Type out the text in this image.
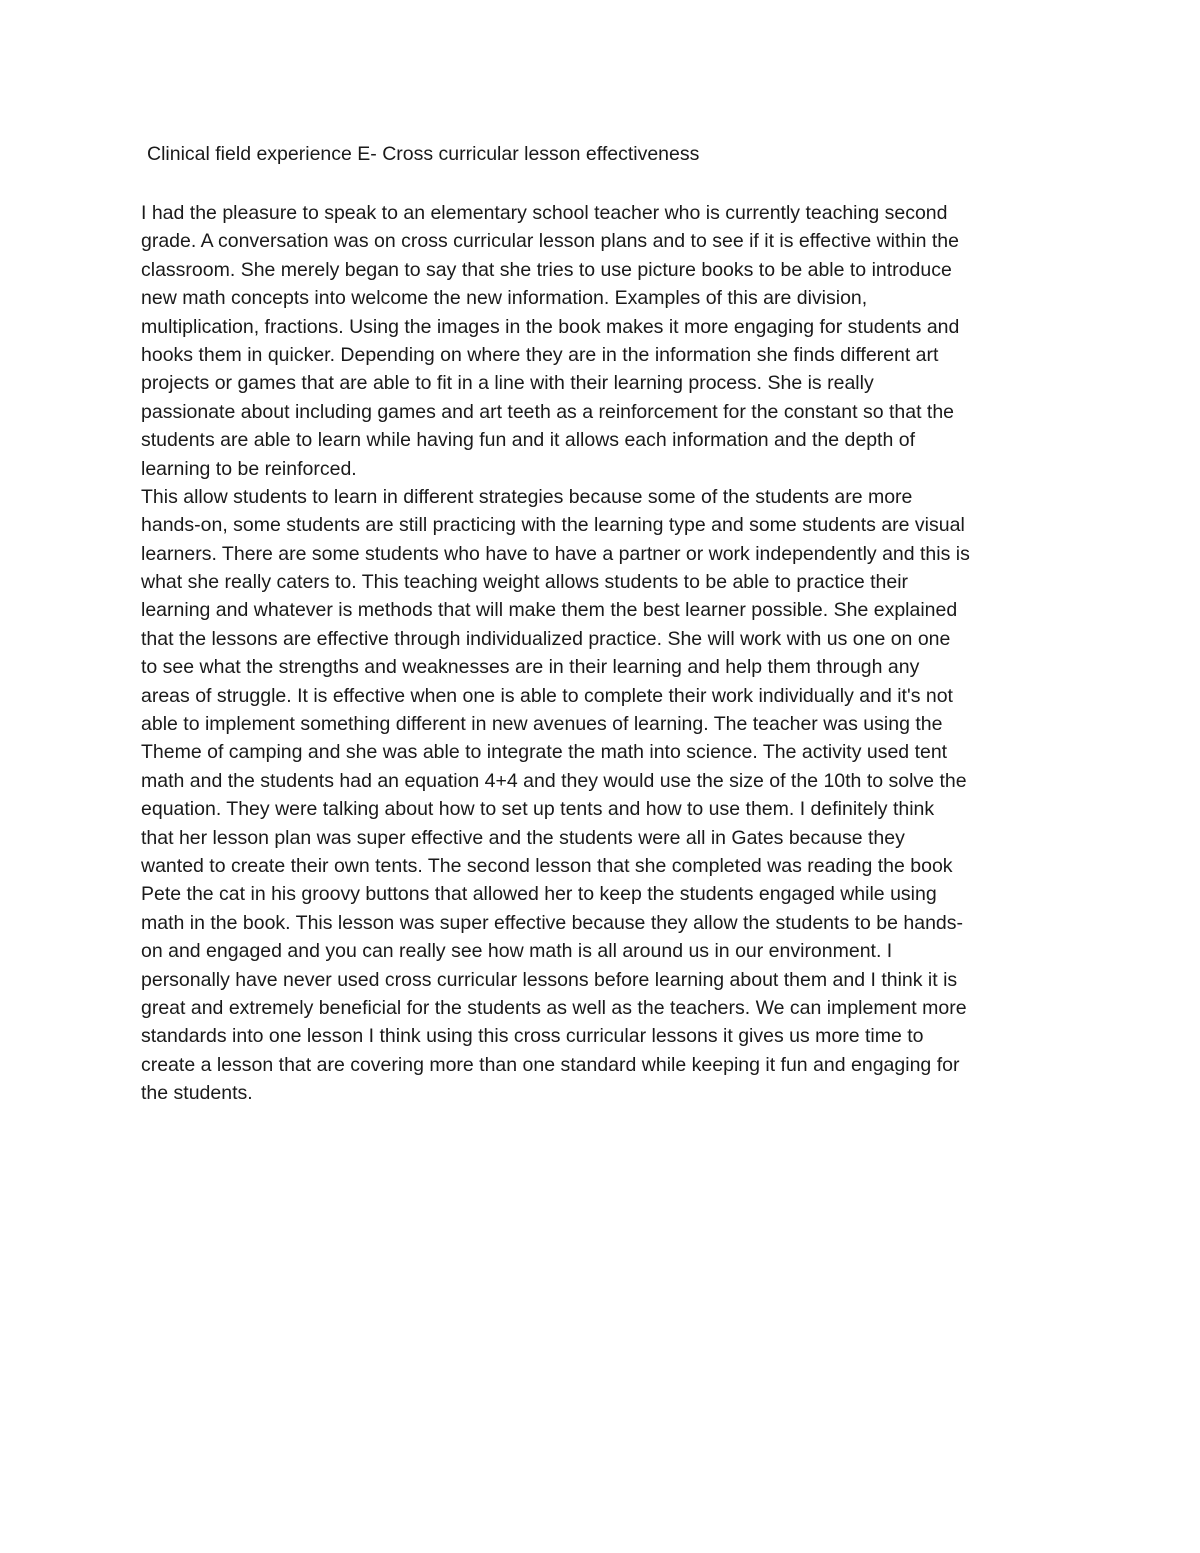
Clinical field experience E- Cross curricular lesson effectiveness
I had the pleasure to speak to an elementary school teacher who is currently teaching second
grade. A conversation was on cross curricular lesson plans and to see if it is effective within the
classroom. She merely began to say that she tries to use picture books to be able to introduce
new math concepts into welcome the new information. Examples of this are division,
multiplication, fractions. Using the images in the book makes it more engaging for students and
hooks them in quicker. Depending on where they are in the information she finds different art
projects or games that are able to fit in a line with their learning process. She is really
passionate about including games and art teeth as a reinforcement for the constant so that the
students are able to learn while having fun and it allows each information and the depth of
learning to be reinforced.
This allow students to learn in different strategies because some of the students are more
hands-on, some students are still practicing with the learning type and some students are visual
learners. There are some students who have to have a partner or work independently and this is
what she really caters to. This teaching weight allows students to be able to practice their
learning and whatever is methods that will make them the best learner possible. She explained
that the lessons are effective through individualized practice. She will work with us one on one
to see what the strengths and weaknesses are in their learning and help them through any
areas of struggle. It is effective when one is able to complete their work individually and it's not
able to implement something different in new avenues of learning. The teacher was using the
Theme of camping and she was able to integrate the math into science. The activity used tent
math and the students had an equation 4+4 and they would use the size of the 10th to solve the
equation. They were talking about how to set up tents and how to use them. I definitely think
that her lesson plan was super effective and the students were all in Gates because they
wanted to create their own tents. The second lesson that she completed was reading the book
Pete the cat in his groovy buttons that allowed her to keep the students engaged while using
math in the book. This lesson was super effective because they allow the students to be hands-
on and engaged and you can really see how math is all around us in our environment. I
personally have never used cross curricular lessons before learning about them and I think it is
great and extremely beneficial for the students as well as the teachers. We can implement more
standards into one lesson I think using this cross curricular lessons it gives us more time to
create a lesson that are covering more than one standard while keeping it fun and engaging for
the students.
